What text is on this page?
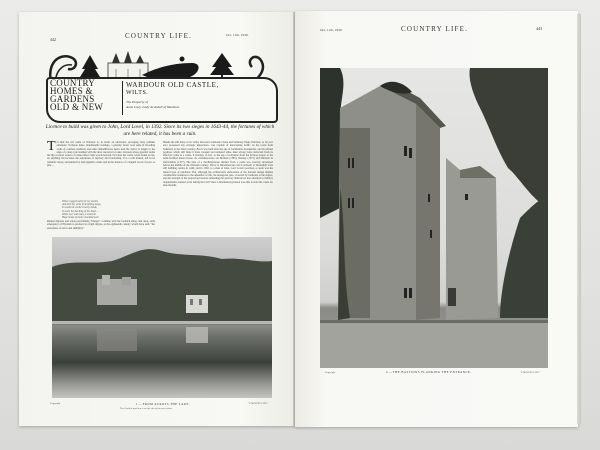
442	COUNTRY LIFE.	Oct. 11th, 1930.
COUNTRY
HOMES &
GARDENS
OLD & NEW
WARDOUR OLD CASTLE,
WILTS.
The Property of
Anne Lucy, Lady Arundell of Wardour.
Licence to build was given to John, Lord Lovel, in 1392. Since its two sieges in 1643-44, the fortunes of which are here related, it has been a ruin.
T O find the old castle of Wardour is, in itself, an adventure, presaging truly sublime emotions. Tortuous lanes, innumerable turnings, a gloomy forest road sunk in brooding walls of conifers, hemlock and other umbelliferous herbs lead the visitor at length to the edge of a deep vale studded with the most ancestral of oaks, between whose gnarled stems the lily-covered waters of a lake reflect dark woods beyond. Not does the castle, when found at last, do anything but increase the sensations of mystery and foreboding. It is a ruin indeed, left in its romantic decay, surrounded by dark gigantic cedars and in the shadow of a tangled wood of yews. A pile—
Where rugged walls the ivy mantle
And with her arms from falling keeps,
To sooth the castle's lonely shade,
To soon the dwelling of the dead . . .
While over and many a nook full
Huge heaps of hoary moulded wall.
Ruined impress and oriels proclaiming "Danger" combine with the Gothick abbey and deep, stark emergency of Elysium to produce in a high degree, as the eighteenth century would have said, "the sensations of terror and sublimity."
Beside the still mere, in its valley between Cranborne Chase and Salisbury Plain, Wardour, so far as it ever possessed any strategic importance, was capable of intercepting traffic on the roads from Salisbury to the West Country. But it was built after the age of formidable strongholds, and its refined position, which still finds it more tranquil and rendered alike, must always have detracted from its effective value as a castle. It belongs, in fact, to the age of transition from the fortress proper to the semi-fortified manor house. Its contemporaries are Bodiam (1385), Nunney (1373) and Shirburn in Oxfordshire (1377). The idea of a dwelling-house distinct from a castle was scarcely developed before the middle of the fifteenth century. Dacre at Herstmonceux and Cromwell at Tattershall were still building castles in 1440, and in 1392, to a man of John, Lord Lovel's position, a castle was the natural type of residence. But, although the architectural elaboration of the internal design implies considerable attention to the amenities of life, the hexagonal plan, crowned by bartizans at the angles, and the strength of the projecting bastions defending the gateway indicate no less attention to military requirements. Indeed, even during the Civil Wars a determined garrison was able to hold the castle for nine months.
Copyright	"COUNTRY LIFE."
1.—FROM ACROSS THE LAKE.
The Gothick pavilion is on the site of the yew-house.
Oct. 11th, 1930.	COUNTRY LIFE.	443
Copyright	2.—THE BASTIONS FLANKING THE ENTRANCE.	"COUNTRY LIFE."
